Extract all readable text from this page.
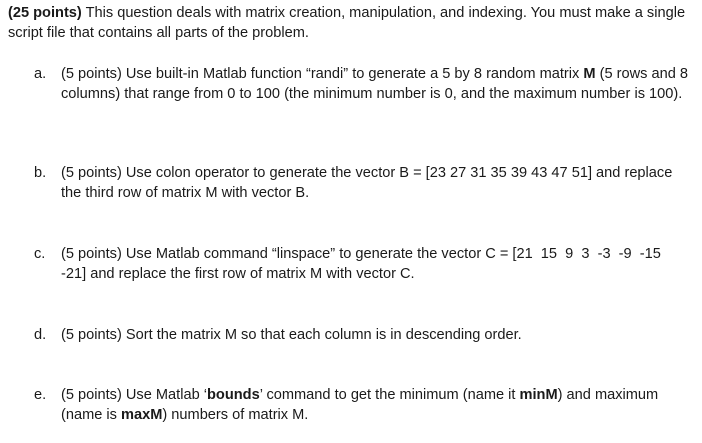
(25 points) This question deals with matrix creation, manipulation, and indexing. You must make a single script file that contains all parts of the problem.
a.	(5 points) Use built-in Matlab function “randi” to generate a 5 by 8 random matrix M (5 rows and 8 columns) that range from 0 to 100 (the minimum number is 0, and the maximum number is 100).
b.	(5 points) Use colon operator to generate the vector B = [23 27 31 35 39 43 47 51] and replace the third row of matrix M with vector B.
c.	(5 points) Use Matlab command “linspace” to generate the vector C = [21  15  9  3  -3  -9  -15  -21] and replace the first row of matrix M with vector C.
d.	(5 points) Sort the matrix M so that each column is in descending order.
e.	(5 points) Use Matlab ‘bounds’ command to get the minimum (name it minM) and maximum (name is maxM) numbers of matrix M.
